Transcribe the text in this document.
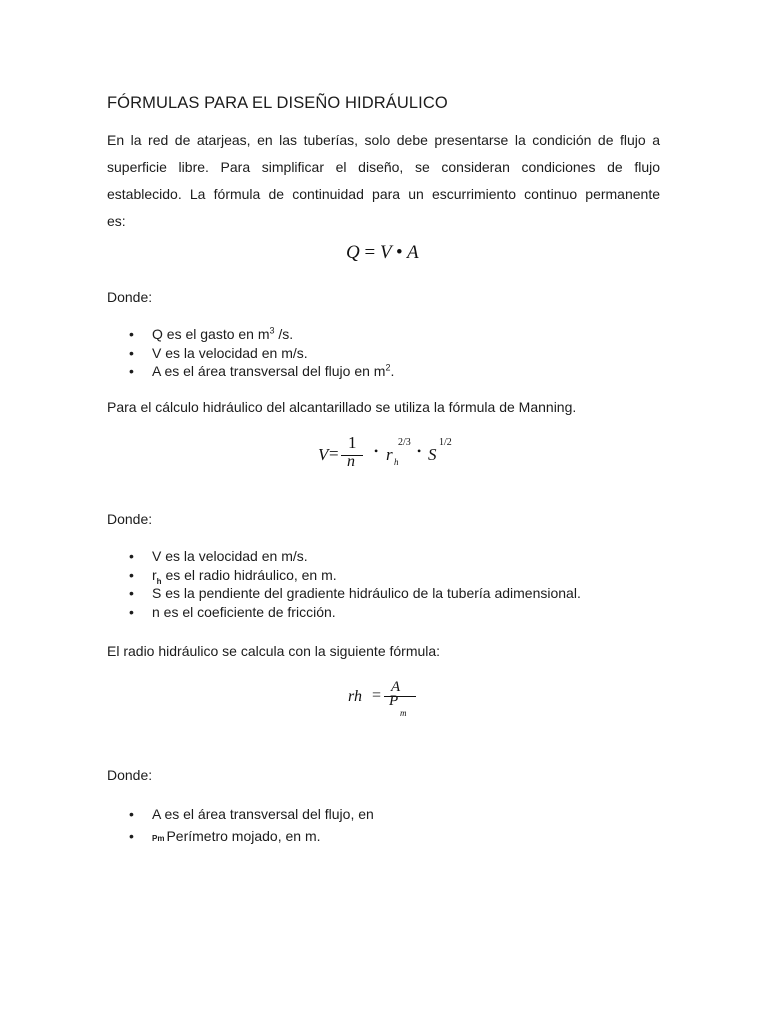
FÓRMULAS PARA EL DISEÑO HIDRÁULICO
En la red de atarjeas, en las tuberías, solo debe presentarse la condición de flujo a
superficie libre. Para simplificar el diseño, se consideran condiciones de flujo
establecido. La fórmula de continuidad para un escurrimiento continuo permanente
es:
Q = V • A
Donde:
• Q es el gasto en $m^3$ /s.
• V es la velocidad en m/s.
• A es el área transversal del flujo en $m^2$.
Para el cálculo hidráulico del alcantarillado se utiliza la fórmula de Manning.
V =
1
n
• r h
2/3
• S
1/2
Donde:
• V es la velocidad en m/s.
• $r_h$ es el radio hidráulico, en m.
• S es la pendiente del gradiente hidráulico de la tubería adimensional.
• n es el coeficiente de fricción.
El radio hidráulico se calcula con la siguiente fórmula:
rh = A
P
m
Donde:
• A es el área transversal del flujo, en
• Pm Perímetro mojado, en m.
